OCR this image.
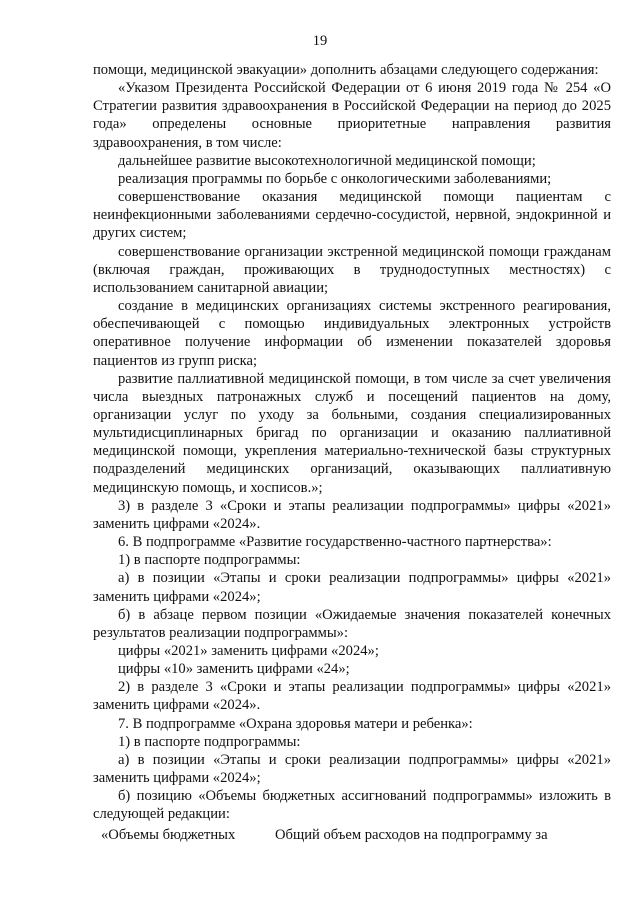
19

помощи, медицинской эвакуации» дополнить абзацами следующего содержания:

«Указом Президента Российской Федерации от 6 июня 2019 года № 254 «О Стратегии развития здравоохранения в Российской Федерации на период до 2025 года» определены основные приоритетные направления развития здравоохранения, в том числе:

дальнейшее развитие высокотехнологичной медицинской помощи;

реализация программы по борьбе с онкологическими заболеваниями;

совершенствование оказания медицинской помощи пациентам с неинфекционными заболеваниями сердечно-сосудистой, нервной, эндокринной и других систем;

совершенствование организации экстренной медицинской помощи гражданам (включая граждан, проживающих в труднодоступных местностях) с использованием санитарной авиации;

создание в медицинских организациях системы экстренного реагирования, обеспечивающей с помощью индивидуальных электронных устройств оперативное получение информации об изменении показателей здоровья пациентов из групп риска;

развитие паллиативной медицинской помощи, в том числе за счет увеличения числа выездных патронажных служб и посещений пациентов на дому, организации услуг по уходу за больными, создания специализированных мультидисциплинарных бригад по организации и оказанию паллиативной медицинской помощи, укрепления материально-технической базы структурных подразделений медицинских организаций, оказывающих паллиативную медицинскую помощь, и хосписов.»;

3) в разделе 3 «Сроки и этапы реализации подпрограммы» цифры «2021» заменить цифрами «2024».

6. В подпрограмме «Развитие государственно-частного партнерства»:

1) в паспорте подпрограммы:

а) в позиции «Этапы и сроки реализации подпрограммы» цифры «2021» заменить цифрами «2024»;

б) в абзаце первом позиции «Ожидаемые значения показателей конечных результатов реализации подпрограммы»:

цифры «2021» заменить цифрами «2024»;

цифры «10» заменить цифрами «24»;

2) в разделе 3 «Сроки и этапы реализации подпрограммы» цифры «2021» заменить цифрами «2024».

7. В подпрограмме «Охрана здоровья матери и ребенка»:

1) в паспорте подпрограммы:

а) в позиции «Этапы и сроки реализации подпрограммы» цифры «2021» заменить цифрами «2024»;

б) позицию «Объемы бюджетных ассигнований подпрограммы» изложить в следующей редакции:

«Объемы бюджетных	Общий объем расходов на подпрограмму за
